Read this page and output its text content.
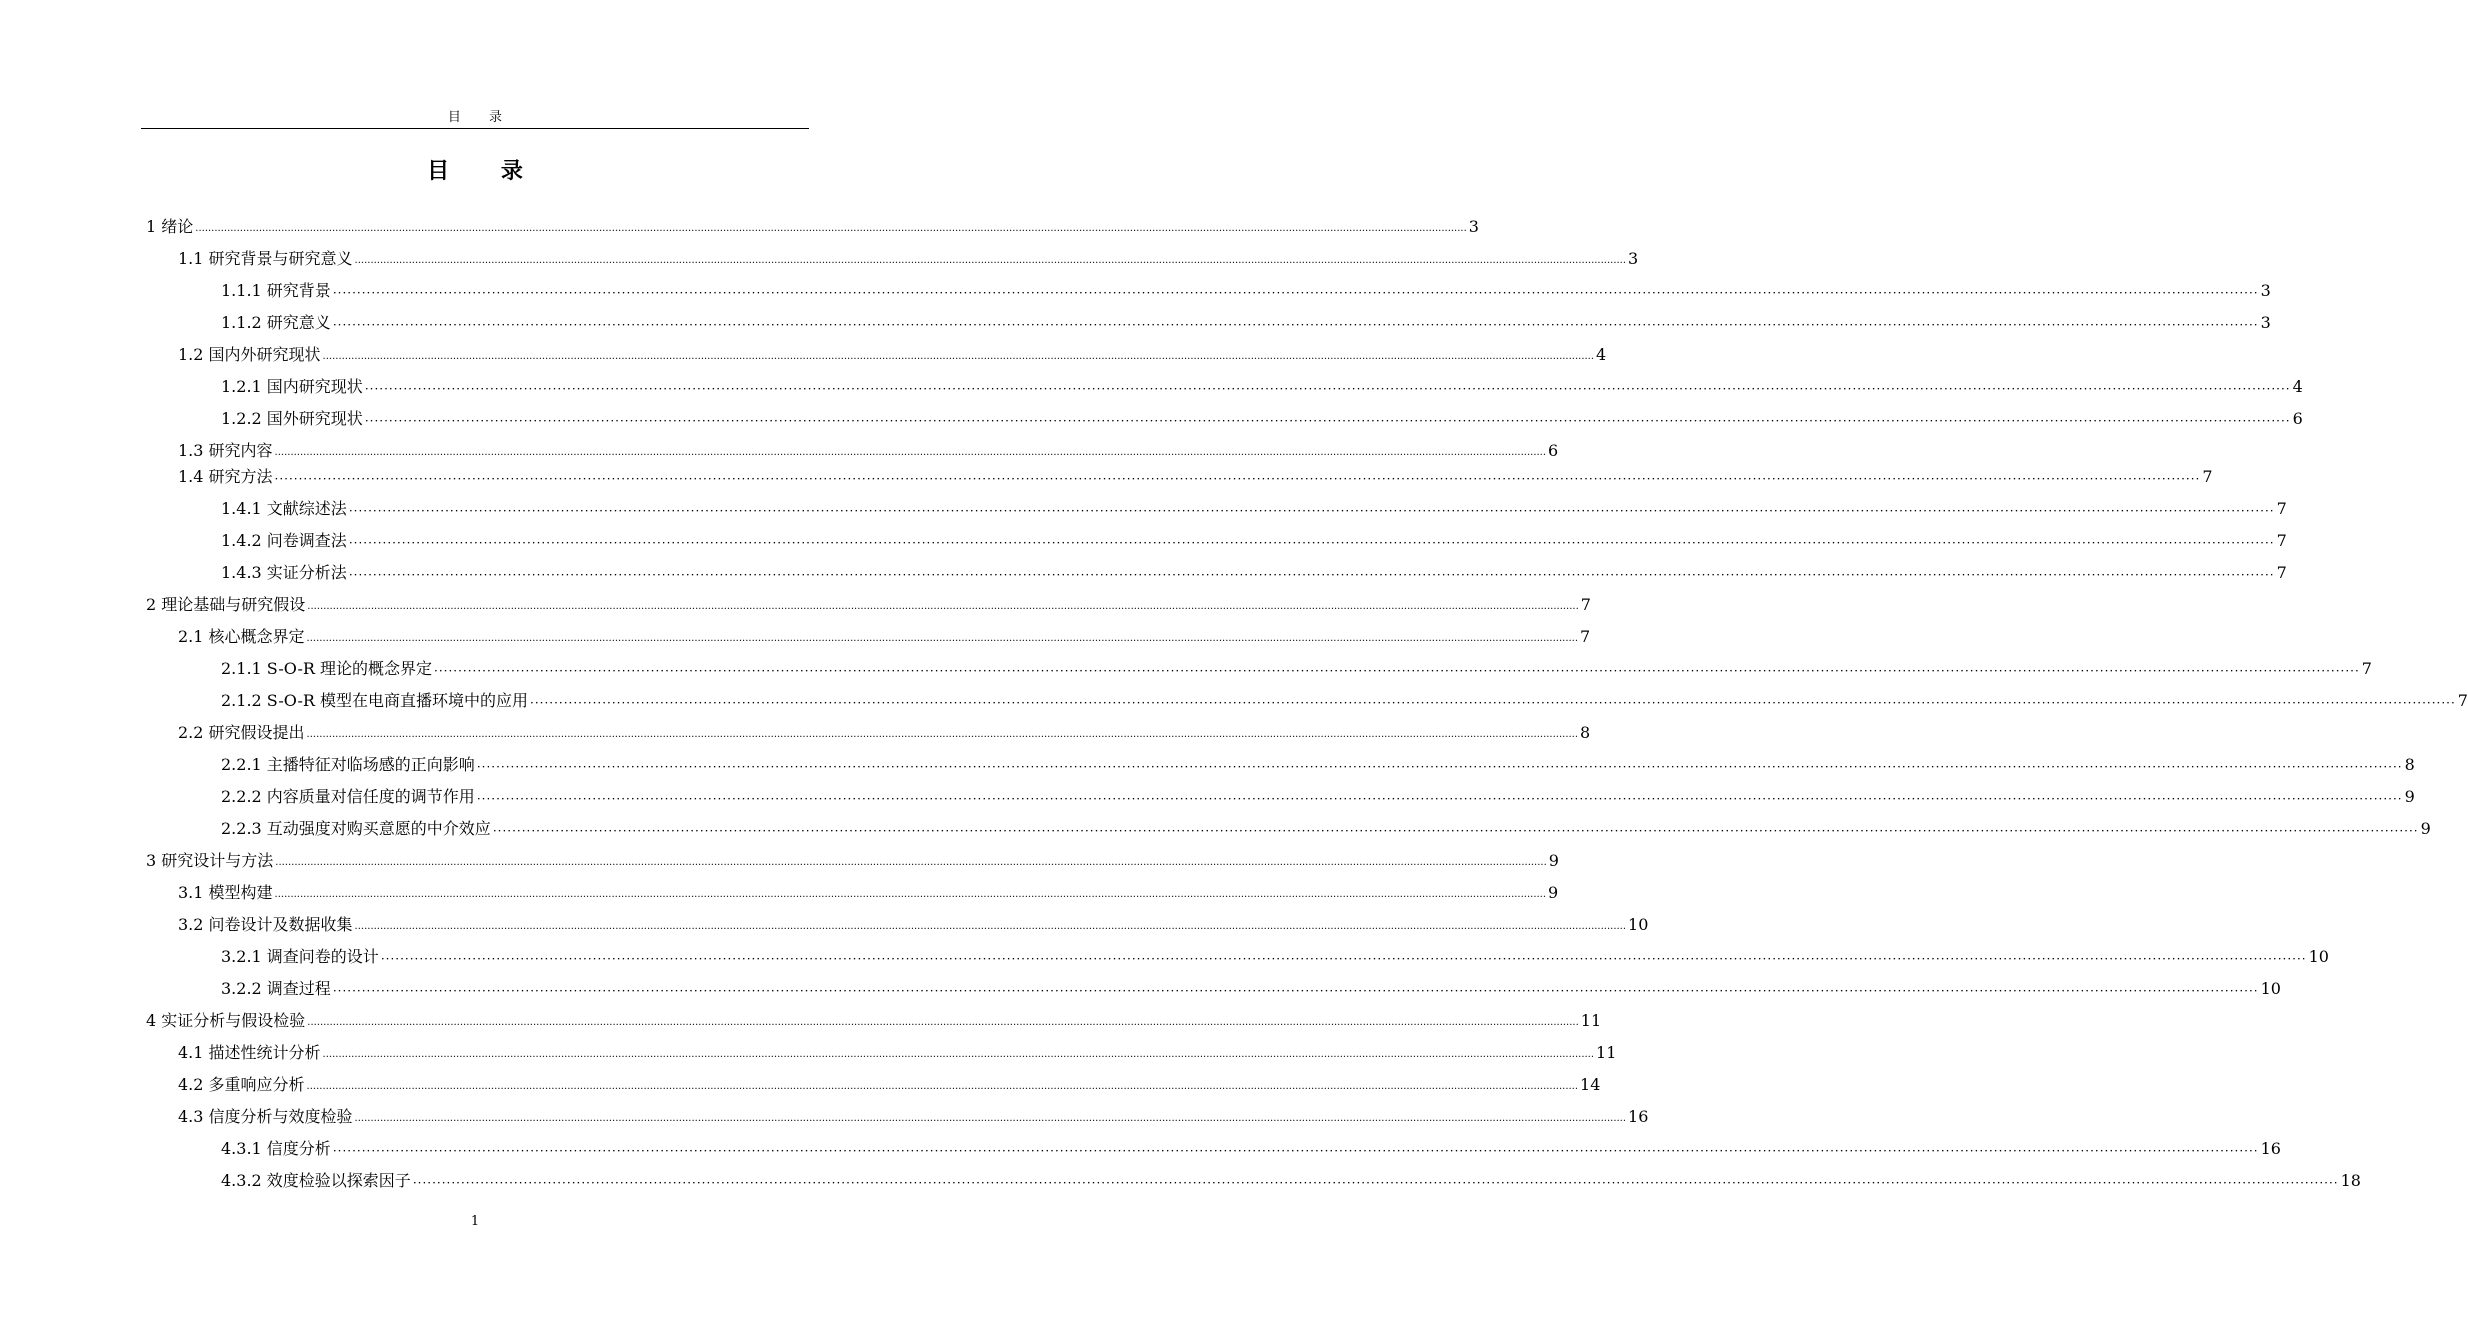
目 录
目 录
1 绪论 ................................................................................................................................................................................................................................................................................................................................................................................................................ 3
1.1 研究背景与研究意义 ................................................................................................................................................................................................................................................................................................................................................................................................................ 3
1.1.1 研究背景 ················································································································································································································································································································································································································ 3
1.1.2 研究意义 ················································································································································································································································································································································································································ 3
1.2 国内外研究现状 ................................................................................................................................................................................................................................................................................................................................................................................................................ 4
1.2.1 国内研究现状 ················································································································································································································································································································································································································ 4
1.2.2 国外研究现状 ················································································································································································································································································································································································································ 6
1.3 研究内容 ................................................................................................................................................................................................................................................................................................................................................................................................................ 6
1.4 研究方法 ················································································································································································································································································································································································································ 7
1.4.1 文献综述法 ················································································································································································································································································································································································································ 7
1.4.2 问卷调查法 ················································································································································································································································································································································································································ 7
1.4.3 实证分析法 ················································································································································································································································································································································································································ 7
2 理论基础与研究假设 ................................................................................................................................................................................................................................................................................................................................................................................................................ 7
2.1 核心概念界定 ................................................................................................................................................................................................................................................................................................................................................................................................................ 7
2.1.1 S-O-R 理论的概念界定 ················································································································································································································································································································································································································ 7
2.1.2 S-O-R 模型在电商直播环境中的应用 ················································································································································································································································································································································································································ 7
2.2 研究假设提出 ................................................................................................................................................................................................................................................................................................................................................................................................................ 8
2.2.1 主播特征对临场感的正向影响 ················································································································································································································································································································································································································ 8
2.2.2 内容质量对信任度的调节作用 ················································································································································································································································································································································································································ 9
2.2.3 互动强度对购买意愿的中介效应 ················································································································································································································································································································································································································ 9
3 研究设计与方法 ................................................................................................................................................................................................................................................................................................................................................................................................................ 9
3.1 模型构建 ................................................................................................................................................................................................................................................................................................................................................................................................................ 9
3.2 问卷设计及数据收集 ................................................................................................................................................................................................................................................................................................................................................................................................................ 10
3.2.1 调查问卷的设计 ················································································································································································································································································································································································································ 10
3.2.2 调查过程 ················································································································································································································································································································································································································ 10
4 实证分析与假设检验 ................................................................................................................................................................................................................................................................................................................................................................................................................ 11
4.1 描述性统计分析 ................................................................................................................................................................................................................................................................................................................................................................................................................ 11
4.2 多重响应分析 ................................................................................................................................................................................................................................................................................................................................................................................................................ 14
4.3 信度分析与效度检验 ................................................................................................................................................................................................................................................................................................................................................................................................................ 16
4.3.1 信度分析 ················································································································································································································································································································································································································ 16
4.3.2 效度检验以探索因子 ················································································································································································································································································································································································································ 18
1
